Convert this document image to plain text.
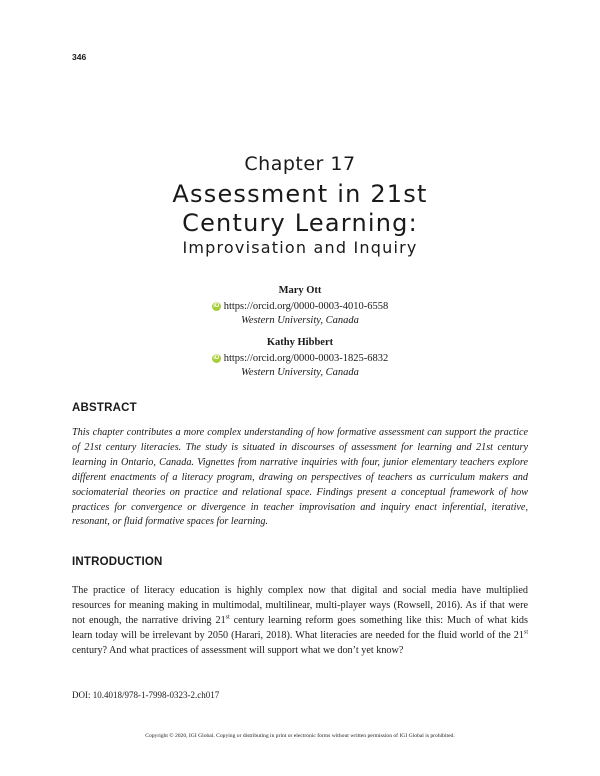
346
Chapter 17
Assessment in 21st
Century Learning:
Improvisation and Inquiry
Mary Ott
iD https://orcid.org/0000-0003-4010-6558
Western University, Canada
Kathy Hibbert
iD https://orcid.org/0000-0003-1825-6832
Western University, Canada
ABSTRACT
This chapter contributes a more complex understanding of how formative assessment can support the practice of 21st century literacies. The study is situated in discourses of assessment for learning and 21st century learning in Ontario, Canada. Vignettes from narrative inquiries with four, junior elementary teachers explore different enactments of a literacy program, drawing on perspectives of teachers as curriculum makers and sociomaterial theories on practice and relational space. Findings present a conceptual framework of how practices for convergence or divergence in teacher improvisation and inquiry enact inferential, iterative, resonant, or fluid formative spaces for learning.
INTRODUCTION
The practice of literacy education is highly complex now that digital and social media have multiplied resources for meaning making in multimodal, multilinear, multi-player ways (Rowsell, 2016). As if that were not enough, the narrative driving 21st century learning reform goes something like this: Much of what kids learn today will be irrelevant by 2050 (Harari, 2018). What literacies are needed for the fluid world of the 21st century? And what practices of assessment will support what we don’t yet know?
DOI: 10.4018/978-1-7998-0323-2.ch017
Copyright © 2020, IGI Global. Copying or distributing in print or electronic forms without written permission of IGI Global is prohibited.
